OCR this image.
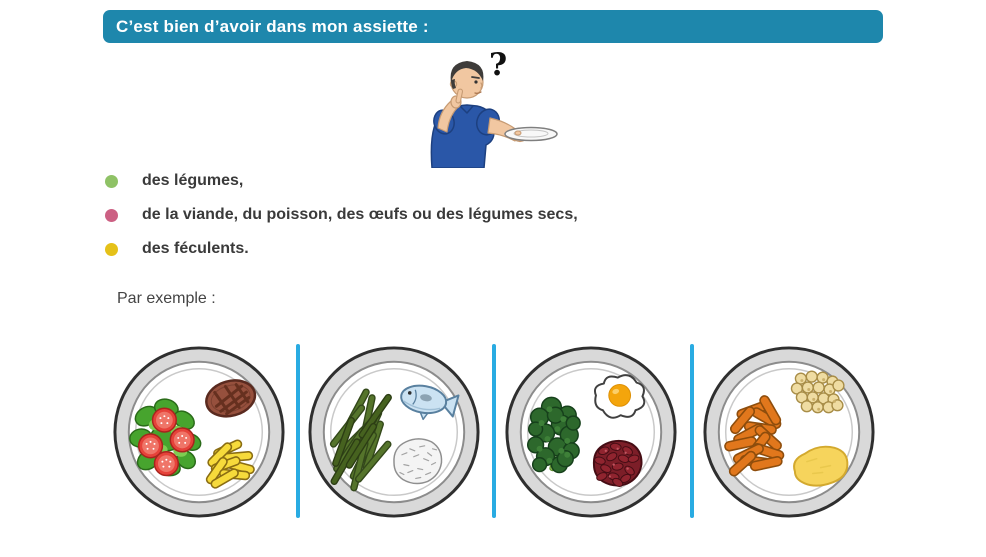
C’est bien d’avoir dans mon assiette :
?
des légumes,
de la viande, du poisson, des œufs ou des légumes secs,
des féculents.
Par exemple :
